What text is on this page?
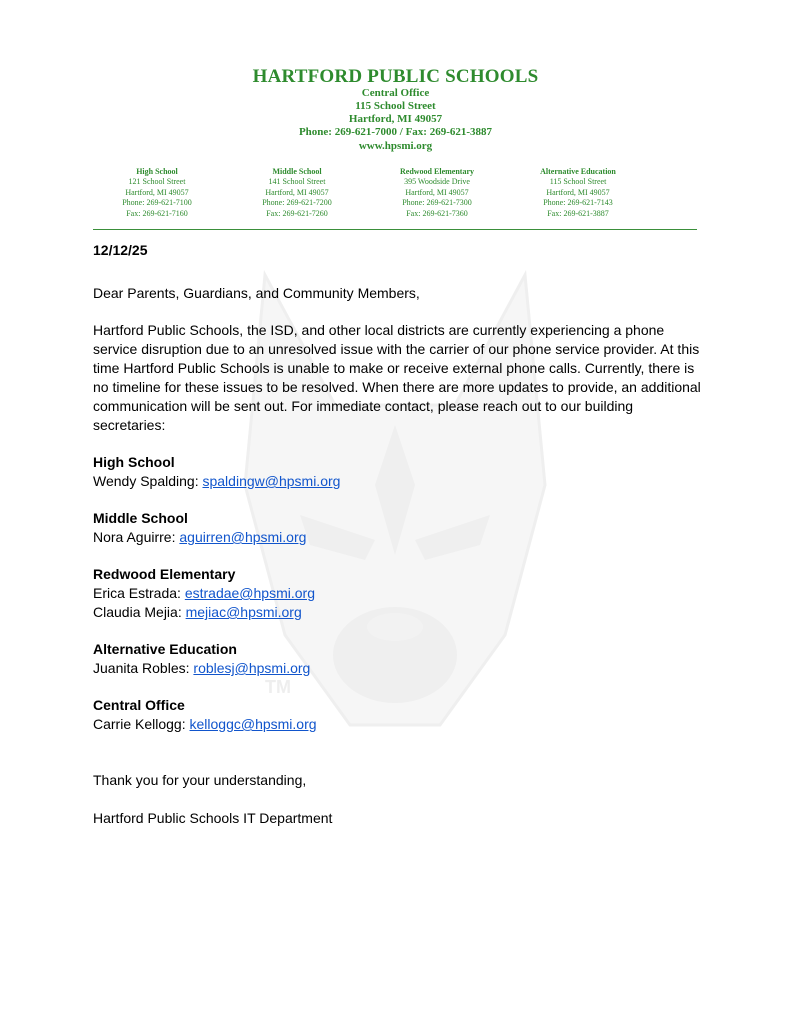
TM
HARTFORD PUBLIC SCHOOLS
Central Office
115 School Street
Hartford, MI 49057
Phone: 269-621-7000 / Fax: 269-621-3887
www.hpsmi.org
High School
121 School Street
Hartford, MI 49057
Phone: 269-621-7100
Fax: 269-621-7160
Middle School
141 School Street
Hartford, MI 49057
Phone: 269-621-7200
Fax: 269-621-7260
Redwood Elementary
395 Woodside Drive
Hartford, MI 49057
Phone: 269-621-7300
Fax: 269-621-7360
Alternative Education
115 School Street
Hartford, MI 49057
Phone: 269-621-7143
Fax: 269-621-3887
12/12/25
Dear Parents, Guardians, and Community Members,
Hartford Public Schools, the ISD, and other local districts are currently experiencing a phone service disruption due to an unresolved issue with the carrier of our phone service provider. At this time Hartford Public Schools is unable to make or receive external phone calls. Currently, there is no timeline for these issues to be resolved. When there are more updates to provide, an additional communication will be sent out. For immediate contact, please reach out to our building secretaries:
High School
Wendy Spalding: spaldingw@hpsmi.org
Middle School
Nora Aguirre: aguirren@hpsmi.org
Redwood Elementary
Erica Estrada: estradae@hpsmi.org
Claudia Mejia: mejiac@hpsmi.org
Alternative Education
Juanita Robles: roblesj@hpsmi.org
Central Office
Carrie Kellogg: kelloggc@hpsmi.org
Thank you for your understanding,
Hartford Public Schools IT Department
